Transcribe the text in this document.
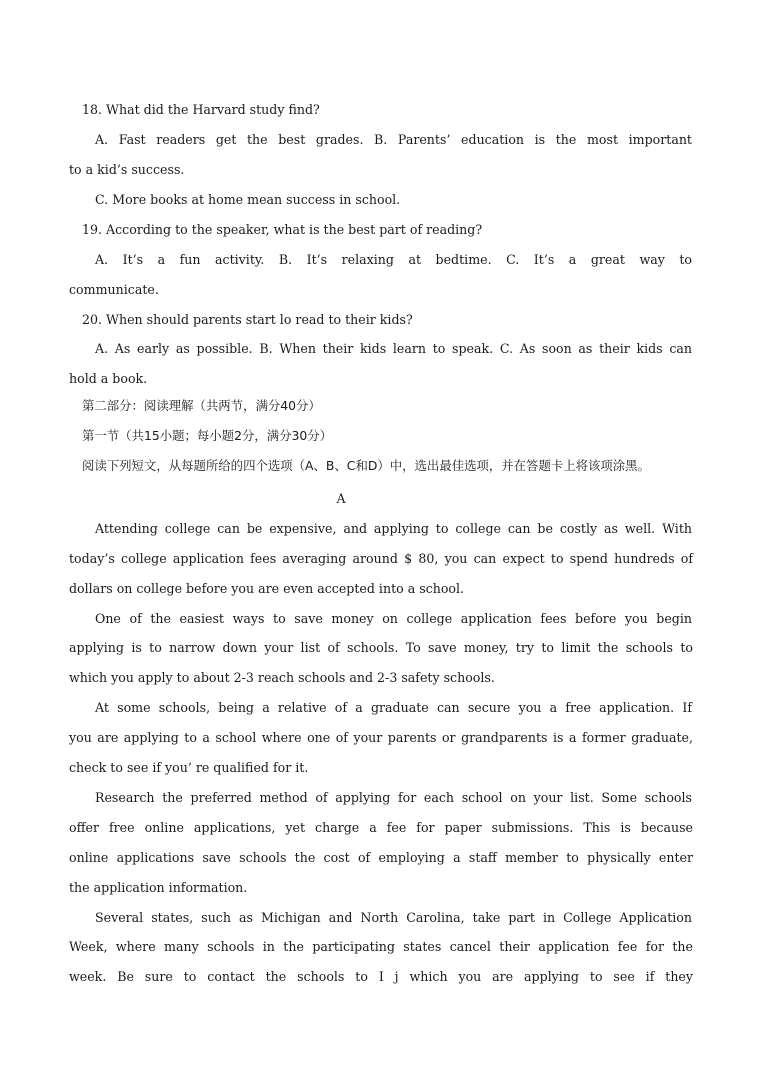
18. What did the Harvard study find?
A. Fast readers get the best grades. B. Parents’ education is the most important
to a kid’s success.
C. More books at home mean success in school.
19. According to the speaker, what is the best part of reading?
A. It’s a fun activity. B. It’s relaxing at bedtime. C. It’s a great way to
communicate.
20. When should parents start lo read to their kids?
A. As early as possible. B. When their kids learn to speak. C. As soon as their kids can
hold a book.
第二部分：阅读理解（共两节，满分40分）
第一节（共15小题；每小题2分，满分30分）
阅读下列短文，从每题所给的四个选项（A、B、C和D）中，选出最佳选项，并在答题卡上将该项涂黑。
A
Attending college can be expensive, and applying to college can be costly as well. With
today’s college application fees averaging around $ 80, you can expect to spend hundreds of
dollars on college before you are even accepted into a school.
One of the easiest ways to save money on college application fees before you begin
applying is to narrow down your list of schools. To save money, try to limit the schools to
which you apply to about 2-3 reach schools and 2-3 safety schools.
At some schools, being a relative of a graduate can secure you a free application. If
you are applying to a school where one of your parents or grandparents is a former graduate,
check to see if you’ re qualified for it.
Research the preferred method of applying for each school on your list. Some schools
offer free online applications, yet charge a fee for paper submissions. This is because
online applications save schools the cost of employing a staff member to physically enter
the application information.
Several states, such as Michigan and North Carolina, take part in College Application
Week, where many schools in the participating states cancel their application fee for the
week. Be sure to contact the schools to I j which you are applying to see if they
